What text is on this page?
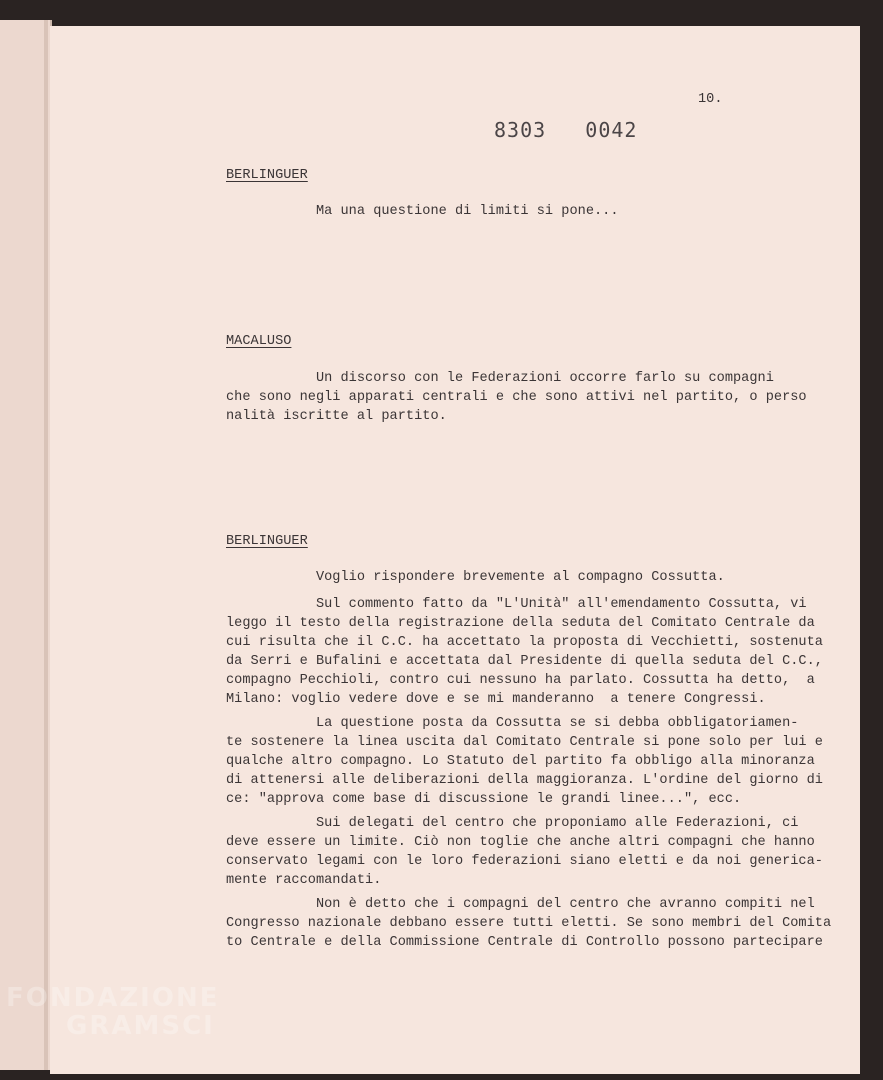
10.
8303   0042
BERLINGUER
Ma una questione di limiti si pone...
MACALUSO
Un discorso con le Federazioni occorre farlo su compagni
che sono negli apparati centrali e che sono attivi nel partito, o perso
nalità iscritte al partito.
BERLINGUER
Voglio rispondere brevemente al compagno Cossutta.
Sul commento fatto da "L'Unità" all'emendamento Cossutta, vi
leggo il testo della registrazione della seduta del Comitato Centrale da
cui risulta che il C.C. ha accettato la proposta di Vecchietti, sostenuta
da Serri e Bufalini e accettata dal Presidente di quella seduta del C.C.,
compagno Pecchioli, contro cui nessuno ha parlato. Cossutta ha detto,  a
Milano: voglio vedere dove e se mi manderanno  a tenere Congressi.
La questione posta da Cossutta se si debba obbligatoriamen-
te sostenere la linea uscita dal Comitato Centrale si pone solo per lui e
qualche altro compagno. Lo Statuto del partito fa obbligo alla minoranza
di attenersi alle deliberazioni della maggioranza. L'ordine del giorno di
ce: "approva come base di discussione le grandi linee...", ecc.
Sui delegati del centro che proponiamo alle Federazioni, ci
deve essere un limite. Ciò non toglie che anche altri compagni che hanno
conservato legami con le loro federazioni siano eletti e da noi generica-
mente raccomandati.
Non è detto che i compagni del centro che avranno compiti nel
Congresso nazionale debbano essere tutti eletti. Se sono membri del Comita
to Centrale e della Commissione Centrale di Controllo possono partecipare
FONDAZIONE
GRAMSCI
